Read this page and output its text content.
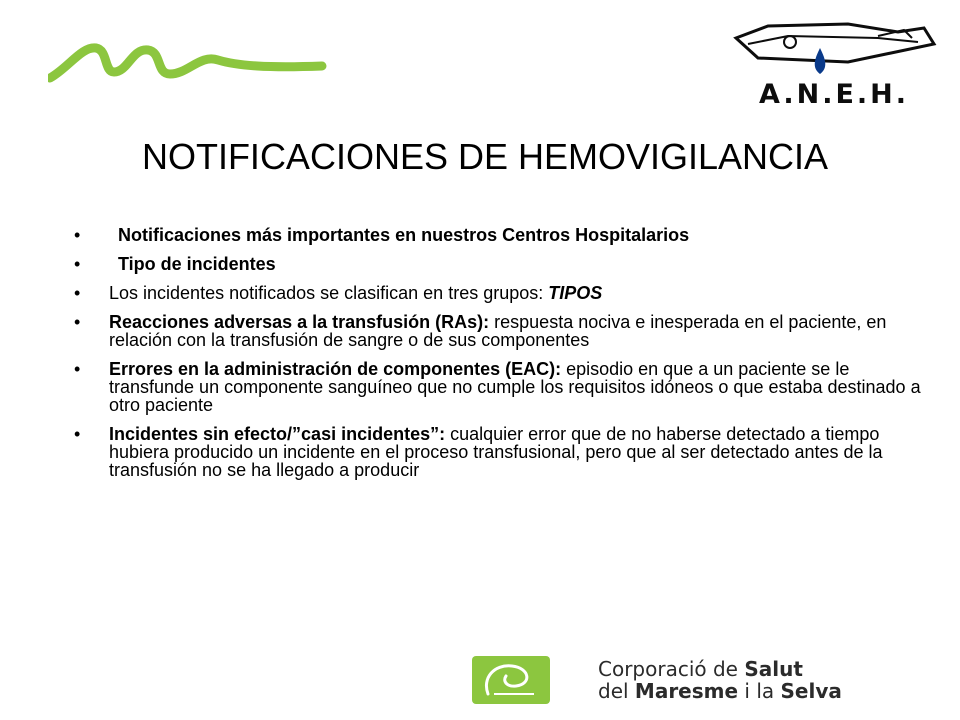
A.N.E.H.
NOTIFICACIONES DE HEMOVIGILANCIA
• Notificaciones más importantes en nuestros Centros Hospitalarios
• Tipo de incidentes
• Los incidentes notificados se clasifican en tres grupos: TIPOS
• Reacciones adversas a la transfusión (RAs): respuesta nociva e inesperada en el paciente, en relación con la transfusión de sangre o de sus componentes
• Errores en la administración de componentes (EAC): episodio en que a un paciente se le transfunde un componente sanguíneo que no cumple los requisitos idóneos o que estaba destinado a otro paciente
• Incidentes sin efecto/”casi incidentes”: cualquier error que de no haberse detectado a tiempo hubiera producido un incidente en el proceso transfusional, pero que al ser detectado antes de la transfusión no se ha llegado a producir
Corporació de Salut
del Maresme i la Selva
